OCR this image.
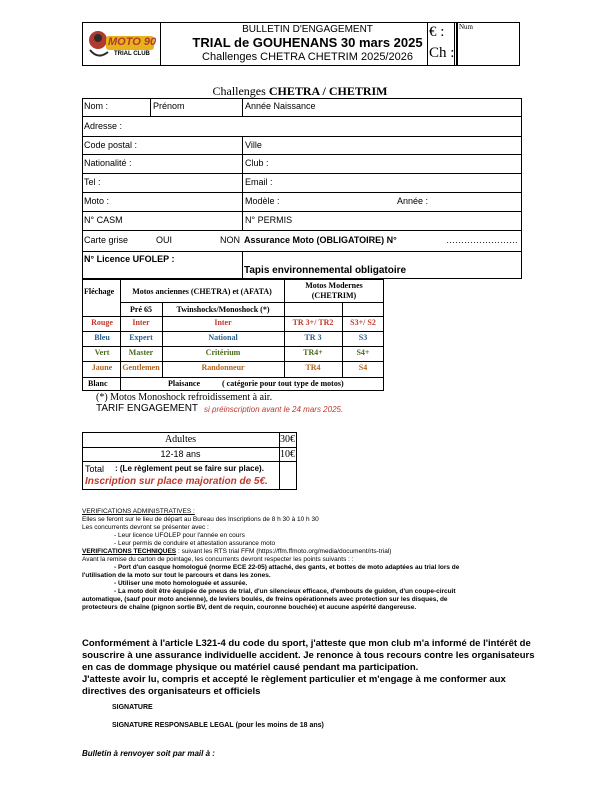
MOTO 90
TRIAL CLUB
BULLETIN D'ENGAGEMENT
TRIAL de GOUHENANS 30 mars 2025
Challenges CHETRA CHETRIM 2025/2026
€ :
Ch :
Num
Challenges CHETRA / CHETRIM
Nom :	Prénom	Année Naissance
Adresse :
Code postal :	Ville
Nationalité :	Club :
Tel :	Email :
Moto :	Modèle :	Année :
N° CASM	N° PERMIS
Carte grise	OUI	NON Assurance Moto (OBLIGATOIRE) N°	……………………
N° Licence UFOLEP :
Tapis environnemental obligatoire
Fléchage	Motos anciennes (CHETRA) et (AFATA)
Motos Modernes (CHETRIM)
Pré 65	Twinshocks/Monoshock (*)
Rouge	Inter	Inter	TR 3+/ TR2	S3+/ S2
Bleu	Expert	National	TR 3	S3
Vert	Master	Critérium	TR4+	S4+
Jaune	Gentlemen	Randonneur	TR4	S4
Blanc	Plaisance	( catégorie pour tout type de motos)
(*) Motos Monoshock refroidissement à air.
TARIF ENGAGEMENT si préinscription avant le 24 mars 2025.
Adultes	30€
12-18 ans	10€
Total : (Le règlement peut se faire sur place).
Inscription sur place majoration de 5€.
VERIFICATIONS ADMINISTRATIVES :
Elles se feront sur le lieu de départ au Bureau des Inscriptions de 8 h 30 à 10 h 30
Les concurrents devront se présenter avec :
- Leur licence UFOLEP pour l'année en cours
- Leur permis de conduire et attestation assurance moto
VERIFICATIONS TECHNIQUES : suivant les RTS trial FFM (https://ffm.ffmoto.org/media/document/rts-trial)
Avant la remise du carton de pointage, les concurrents devront respecter les points suivants : :
- Port d'un casque homologué (norme ECE 22-05) attaché, des gants, et bottes de moto adaptées au trial lors de
l'utilisation de la moto sur tout le parcours et dans les zones.
- Utiliser une moto homologuée et assurée.
- La moto doit être équipée de pneus de trial, d'un silencieux efficace, d'embouts de guidon, d'un coupe-circuit
automatique, (sauf pour moto ancienne), de leviers boulés, de freins opérationnels avec protection sur les disques, de
protecteurs de chaîne (pignon sortie BV, dent de requin, couronne bouchée) et aucune aspérité dangereuse.
Conformément à l'article L321-4 du code du sport, j'atteste que mon club m'a informé de l'intérêt de
souscrire à une assurance individuelle accident. Je renonce à tous recours contre les organisateurs
en cas de dommage physique ou matériel causé pendant ma participation.
J'atteste avoir lu, compris et accepté le règlement particulier et m'engage à me conformer aux
directives des organisateurs et officiels
SIGNATURE
SIGNATURE RESPONSABLE LEGAL (pour les moins de 18 ans)
Bulletin à renvoyer soit par mail à :
